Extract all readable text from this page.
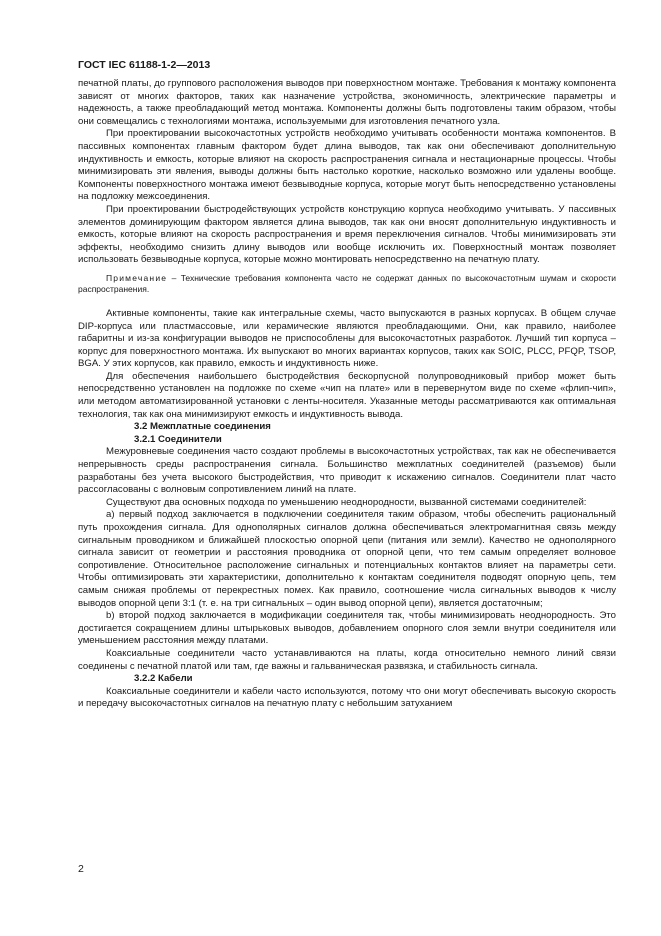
ГОСТ IEC 61188-1-2—2013

печатной платы, до группового расположения выводов при поверхностном монтаже. Требования к монтажу компонента зависят от многих факторов, таких как назначение устройства, экономичность, электрические параметры и надежность, а также преобладающий метод монтажа. Компоненты должны быть подготовлены таким образом, чтобы они совмещались с технологиями монтажа, используемыми для изготовления печатного узла.

При проектировании высокочастотных устройств необходимо учитывать особенности монтажа компонентов. В пассивных компонентах главным фактором будет длина выводов, так как они обеспечивают дополнительную индуктивность и емкость, которые влияют на скорость распространения сигнала и нестационарные процессы. Чтобы минимизировать эти явления, выводы должны быть настолько короткие, насколько возможно или удалены вообще. Компоненты поверхностного монтажа имеют безвыводные корпуса, которые могут быть непосредственно установлены на подложку межсоединения.

При проектировании быстродействующих устройств конструкцию корпуса необходимо учитывать. У пассивных элементов доминирующим фактором является длина выводов, так как они вносят дополнительную индуктивность и емкость, которые влияют на скорость распространения и время переключения сигналов. Чтобы минимизировать эти эффекты, необходимо снизить длину выводов или вообще исключить их. Поверхностный монтаж позволяет использовать безвыводные корпуса, которые можно монтировать непосредственно на печатную плату.

Примечание – Технические требования компонента часто не содержат данных по высокочастотным шумам и скорости распространения.

Активные компоненты, такие как интегральные схемы, часто выпускаются в разных корпусах. В общем случае DIP-корпуса или пластмассовые, или керамические являются преобладающими. Они, как правило, наиболее габаритны и из-за конфигурации выводов не приспособлены для высокочастотных разработок. Лучший тип корпуса – корпус для поверхностного монтажа. Их выпускают во многих вариантах корпусов, таких как SOIC, PLCC, PFQP, TSOP, BGA. У этих корпусов, как правило, емкость и индуктивность ниже.

Для обеспечения наибольшего быстродействия бескорпусной полупроводниковый прибор может быть непосредственно установлен на подложке по схеме «чип на плате» или в перевернутом виде по схеме «флип-чип», или методом автоматизированной установки с ленты-носителя. Указанные методы рассматриваются как оптимальная технология, так как она минимизируют емкость и индуктивность вывода.

3.2 Межплатные соединения

3.2.1 Соединители

Межуровневые соединения часто создают проблемы в высокочастотных устройствах, так как не обеспечивается непрерывность среды распространения сигнала. Большинство межплатных соединителей (разъемов) были разработаны без учета высокого быстродействия, что приводит к искажению сигналов. Соединители плат часто рассогласованы с волновым сопротивлением линий на плате.

Существуют два основных подхода по уменьшению неоднородности, вызванной системами соединителей:

а) первый подход заключается в подключении соединителя таким образом, чтобы обеспечить рациональный путь прохождения сигнала. Для однополярных сигналов должна обеспечиваться электромагнитная связь между сигнальным проводником и ближайшей плоскостью опорной цепи (питания или земли). Качество не однополярного сигнала зависит от геометрии и расстояния проводника от опорной цепи, что тем самым определяет волновое сопротивление. Относительное расположение сигнальных и потенциальных контактов влияет на параметры сети. Чтобы оптимизировать эти характеристики, дополнительно к контактам соединителя подводят опорную цепь, тем самым снижая проблемы от перекрестных помех. Как правило, соотношение числа сигнальных выводов к числу выводов опорной цепи 3:1 (т. е. на три сигнальных – один вывод опорной цепи), является достаточным;

b) второй подход заключается в модификации соединителя так, чтобы минимизировать неоднородность. Это достигается сокращением длины штырьковых выводов, добавлением опорного слоя земли внутри соединителя или уменьшением расстояния между платами.

Коаксиальные соединители часто устанавливаются на платы, когда относительно немного линий связи соединены с печатной платой или там, где важны и гальваническая развязка, и стабильность сигнала.

3.2.2 Кабели

Коаксиальные соединители и кабели часто используются, потому что они могут обеспечивать высокую скорость и передачу высокочастотных сигналов на печатную плату с небольшим затуханием

2
